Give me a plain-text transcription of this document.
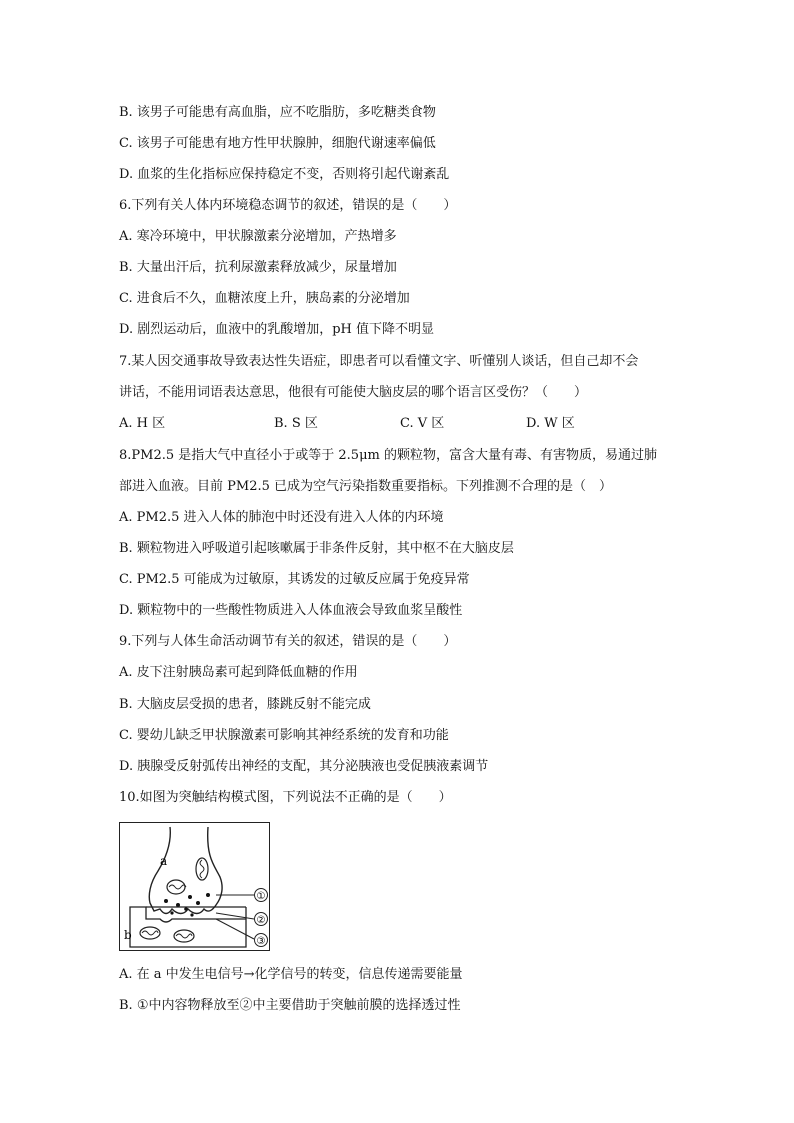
B. 该男子可能患有高血脂，应不吃脂肪，多吃糖类食物
C. 该男子可能患有地方性甲状腺肿，细胞代谢速率偏低
D. 血浆的生化指标应保持稳定不变，否则将引起代谢紊乱
6.下列有关人体内环境稳态调节的叙述，错误的是（　　）
A. 寒冷环境中，甲状腺激素分泌增加，产热增多
B. 大量出汗后，抗利尿激素释放减少，尿量增加
C. 进食后不久，血糖浓度上升，胰岛素的分泌增加
D. 剧烈运动后，血液中的乳酸增加，pH 值下降不明显
7.某人因交通事故导致表达性失语症，即患者可以看懂文字、听懂别人谈话，但自己却不会
讲话，不能用词语表达意思，他很有可能使大脑皮层的哪个语言区受伤？（　　）
A. H 区	B. S 区	C. V 区	D. W 区
8.PM2.5 是指大气中直径小于或等于 2.5μm 的颗粒物，富含大量有毒、有害物质，易通过肺
部进入血液。目前 PM2.5 已成为空气污染指数重要指标。下列推测不合理的是（　）
A. PM2.5 进入人体的肺泡中时还没有进入人体的内环境
B. 颗粒物进入呼吸道引起咳嗽属于非条件反射，其中枢不在大脑皮层
C. PM2.5 可能成为过敏原，其诱发的过敏反应属于免疫异常
D. 颗粒物中的一些酸性物质进入人体血液会导致血浆呈酸性
9.下列与人体生命活动调节有关的叙述，错误的是（　　）
A. 皮下注射胰岛素可起到降低血糖的作用
B. 大脑皮层受损的患者，膝跳反射不能完成
C. 婴幼儿缺乏甲状腺激素可影响其神经系统的发育和功能
D. 胰腺受反射弧传出神经的支配，其分泌胰液也受促胰液素调节
10.如图为突触结构模式图，下列说法不正确的是（　　）
①
②
③
a
b
A. 在 a 中发生电信号→化学信号的转变，信息传递需要能量
B. ①中内容物释放至②中主要借助于突触前膜的选择透过性
